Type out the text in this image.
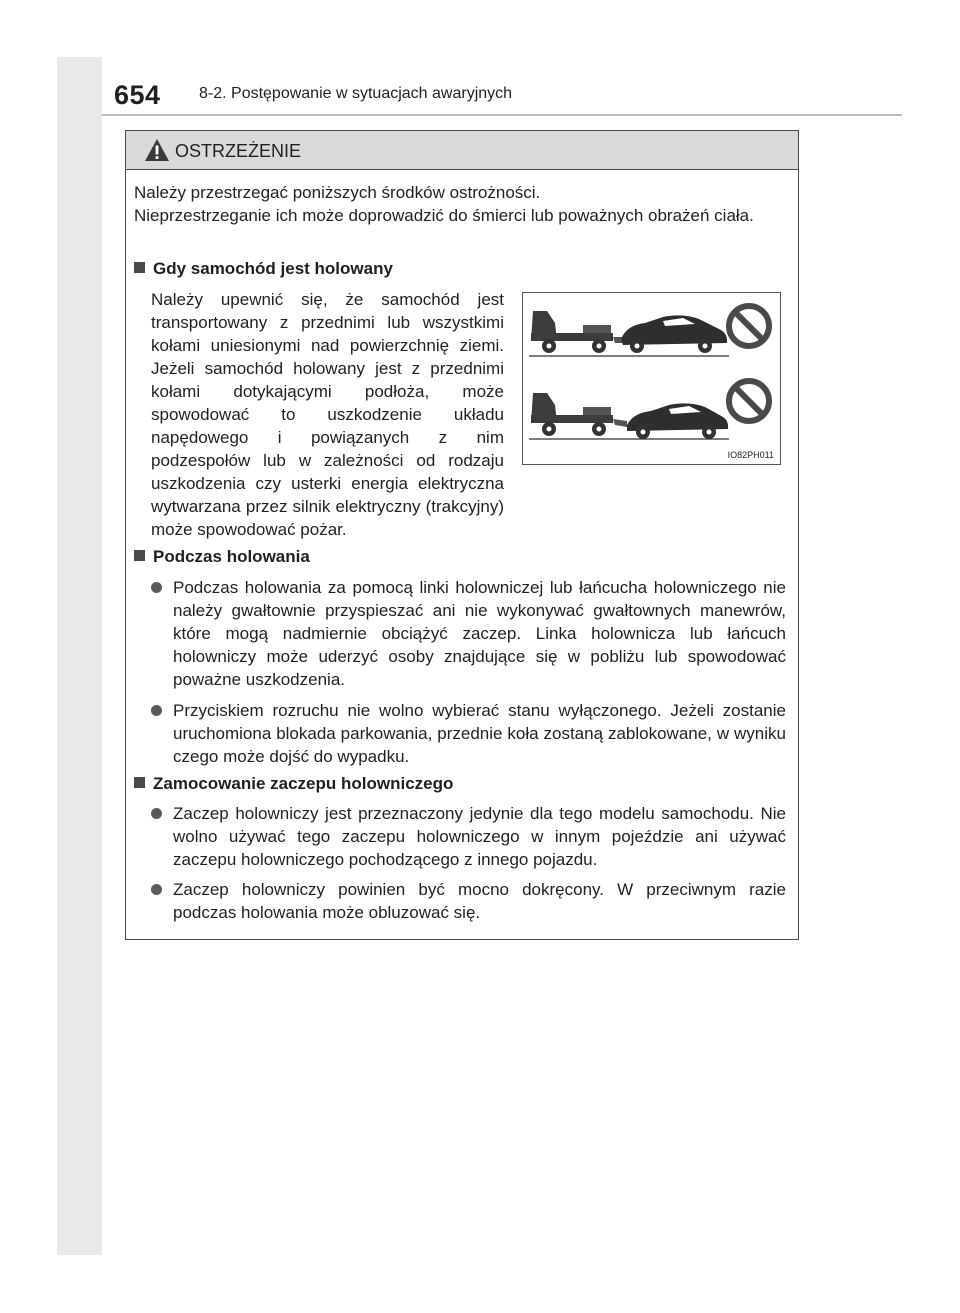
654 8-2. Postępowanie w sytuacjach awaryjnych
OSTRZEŻENIE

Należy przestrzegać poniższych środków ostrożności.

Nieprzestrzeganie ich może doprowadzić do śmierci lub poważnych obrażeń ciała.

Gdy samochód jest holowany

Należy upewnić się, że samochód jest transportowany z przednimi lub wszystkimi kołami uniesionymi nad powierzchnię ziemi. Jeżeli samochód holowany jest z przednimi kołami dotykającymi podłoża, może spowodować to uszkodzenie układu napędowego i powiązanych z nim podzespołów lub w zależności od rodzaju uszkodzenia czy usterki energia elektryczna wytwarzana przez silnik elektryczny (trakcyjny) może spowodować pożar.

IO82PH011
Podczas holowania
Podczas holowania za pomocą linki holowniczej lub łańcucha holowniczego nie należy gwałtownie przyspieszać ani nie wykonywać gwałtownych manewrów, które mogą nadmiernie obciążyć zaczep. Linka holownicza lub łańcuch holowniczy może uderzyć osoby znajdujące się w pobliżu lub spowodować poważne uszkodzenia.
Przyciskiem rozruchu nie wolno wybierać stanu wyłączonego. Jeżeli zostanie uruchomiona blokada parkowania, przednie koła zostaną zablokowane, w wyniku czego może dojść do wypadku.
Zamocowanie zaczepu holowniczego
Zaczep holowniczy jest przeznaczony jedynie dla tego modelu samochodu. Nie wolno używać tego zaczepu holowniczego w innym pojeździe ani używać zaczepu holowniczego pochodzącego z innego pojazdu.
Zaczep holowniczy powinien być mocno dokręcony. W przeciwnym razie podczas holowania może obluzować się.
